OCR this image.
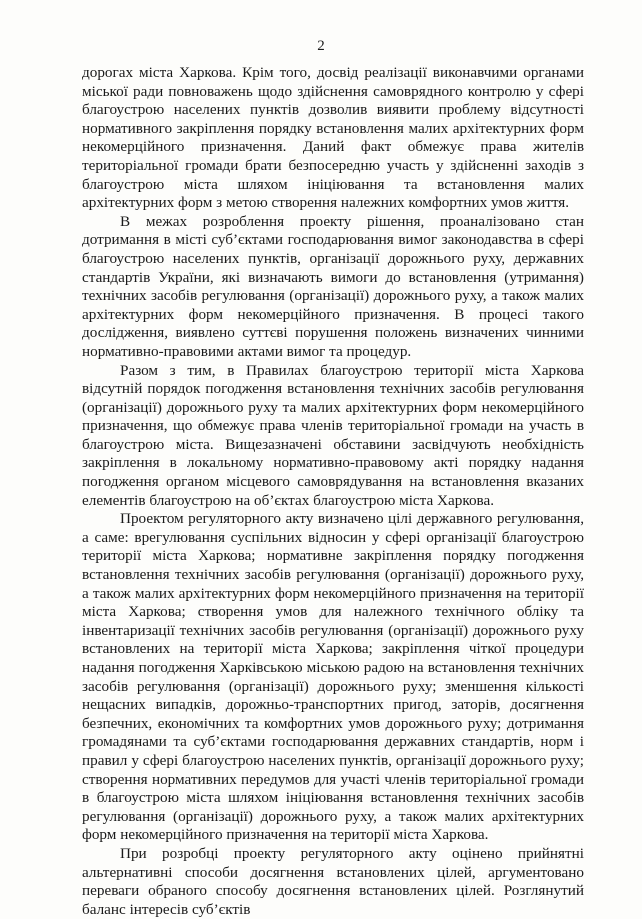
2

дорогах міста Харкова. Крім того, досвід реалізації виконавчими органами міської ради повноважень щодо здійснення самоврядного контролю у сфері благоустрою населених пунктів дозволив виявити проблему відсутності нормативного закріплення порядку встановлення малих архітектурних форм некомерційного призначення. Даний факт обмежує права жителів територіальної громади брати безпосередню участь у здійсненні заходів з благоустрою міста шляхом ініціювання та встановлення малих архітектурних форм з метою створення належних комфортних умов життя.

В межах розроблення проекту рішення, проаналізовано стан дотримання в місті суб’єктами господарювання вимог законодавства в сфері благоустрою населених пунктів, організації дорожнього руху, державних стандартів України, які визначають вимоги до встановлення (утримання) технічних засобів регулювання (організації) дорожнього руху, а також малих архітектурних форм некомерційного призначення. В процесі такого дослідження, виявлено суттєві порушення положень визначених чинними нормативно-правовими актами вимог та процедур.

Разом з тим, в Правилах благоустрою території міста Харкова відсутній порядок погодження встановлення технічних засобів регулювання (організації) дорожнього руху та малих архітектурних форм некомерційного призначення, що обмежує права членів територіальної громади на участь в благоустрою міста. Вищезазначені обставини засвідчують необхідність закріплення в локальному нормативно-правовому акті порядку надання погодження органом місцевого самоврядування на встановлення вказаних елементів благоустрою на об’єктах благоустрою міста Харкова.

Проектом регуляторного акту визначено цілі державного регулювання, а саме: врегулювання суспільних відносин у сфері організації благоустрою території міста Харкова; нормативне закріплення порядку погодження встановлення технічних засобів регулювання (організації) дорожнього руху, а також малих архітектурних форм некомерційного призначення на території міста Харкова; створення умов для належного технічного обліку та інвентаризації технічних засобів регулювання (організації) дорожнього руху встановлених на території міста Харкова; закріплення чіткої процедури надання погодження Харківською міською радою на встановлення технічних засобів регулювання (організації) дорожнього руху; зменшення кількості нещасних випадків, дорожньо-транспортних пригод, заторів, досягнення безпечних, економічних та комфортних умов дорожнього руху; дотримання громадянами та суб’єктами господарювання державних стандартів, норм і правил у сфері благоустрою населених пунктів, організації дорожнього руху; створення нормативних передумов для участі членів територіальної громади в благоустрою міста шляхом ініціювання встановлення технічних засобів регулювання (організації) дорожнього руху, а також малих архітектурних форм некомерційного призначення на території міста Харкова.

При розробці проекту регуляторного акту оцінено прийнятні альтернативні способи досягнення встановлених цілей, аргументовано переваги обраного способу досягнення встановлених цілей. Розглянутий баланс інтересів суб’єктів
